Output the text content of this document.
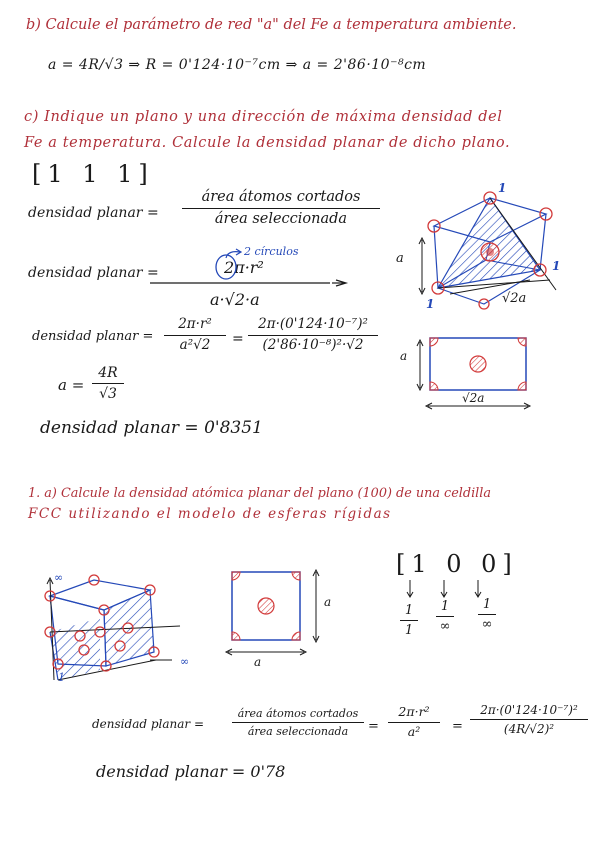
b) Calcule el parámetro de red "a" del Fe a temperatura ambiente.
a = 4R/√3 ⇒ R = 0'124·10⁻⁷cm ⇒ a = 2'86·10⁻⁸cm
c) Indique un plano y una dirección de máxima densidad del
Fe a temperatura. Calcule la densidad planar de dicho plano.
[1 1 1]
densidad planar =
área átomos cortados
área seleccionada
densidad planar =
2 círculos
2π·r²
a·√2·a
densidad planar =
2π·r²
a²√2	=
2π·(0'124·10⁻⁷)²
(2'86·10⁻⁸)²·√2
a =
4R
√3
densidad planar = 0'8351
a
√2a
1
1
1
a
√2a
1. a) Calcule la densidad atómica planar del plano (100) de una celdilla
FCC utilizando el modelo de esferas rígidas
∞
∞
1
a
a
[1 0 0]
1
1
1
∞
1
∞
densidad planar =
área átomos cortados
área seleccionada	=
2π·r²
a²	=
2π·(0'124·10⁻⁷)²
(4R/√2)²
densidad planar = 0'78
